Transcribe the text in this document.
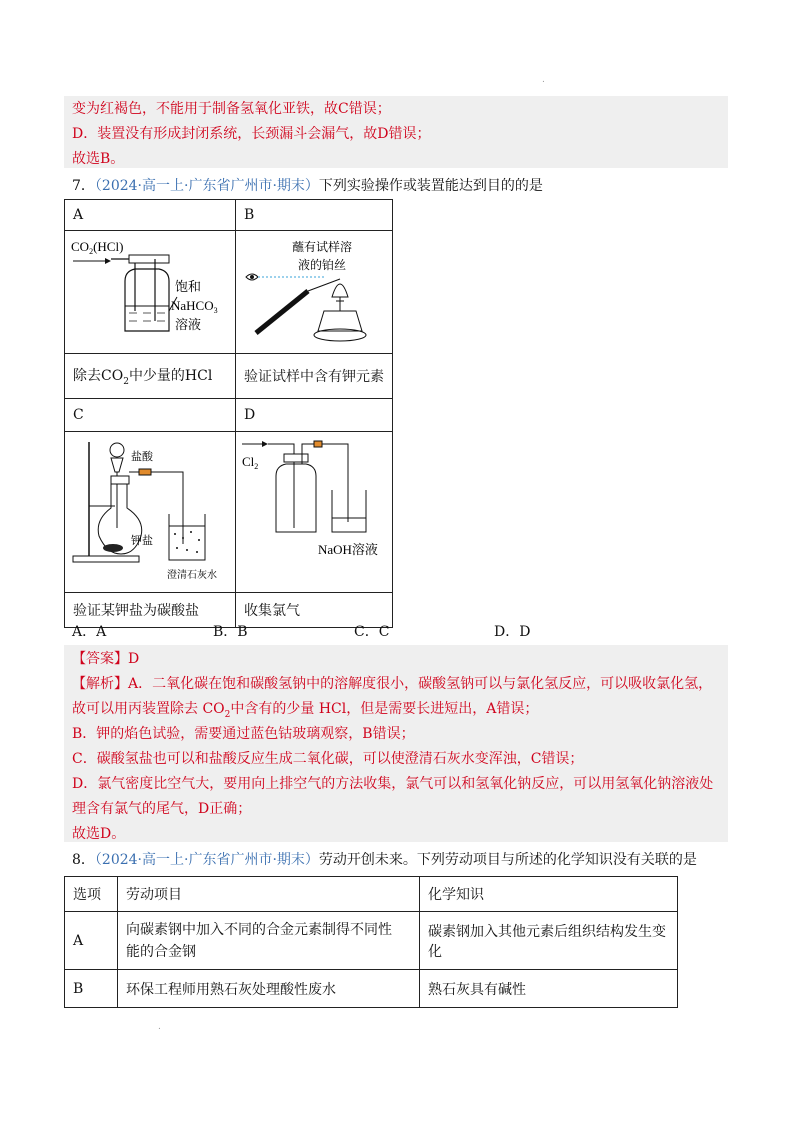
.
变为红褐色，不能用于制备氢氧化亚铁，故C错误；
D．装置没有形成封闭系统，长颈漏斗会漏气，故D错误；
故选B。
7．（2024·高一上·广东省广州市·期末）下列实验操作或装置能达到目的的是
A	B

$CO_2(HCl)$
饱和
NaHCO$_3$
溶液	蘸有试样溶
液的铂丝

除去$CO_2$中少量的HCl	验证试样中含有钾元素
C	D

盐酸
钾盐
澄清石灰水	$Cl_2$
NaOH溶液

验证某钾盐为碳酸盐	收集氯气
A．A	B．B	C．C	D．D
【答案】D
【解析】A．二氧化碳在饱和碳酸氢钠中的溶解度很小，碳酸氢钠可以与氯化氢反应，可以吸收氯化氢，
故可以用丙装置除去 $CO_2$中含有的少量 HCl，但是需要长进短出，A错误；
B．钾的焰色试验，需要通过蓝色钴玻璃观察，B错误；
C．碳酸氢盐也可以和盐酸反应生成二氧化碳，可以使澄清石灰水变浑浊，C错误；
D．氯气密度比空气大，要用向上排空气的方法收集，氯气可以和氢氧化钠反应，可以用氢氧化钠溶液处
理含有氯气的尾气，D正确；
故选D。
8．（2024·高一上·广东省广州市·期末）劳动开创未来。下列劳动项目与所述的化学知识没有关联的是
选项	劳动项目	化学知识
A	向碳素钢中加入不同的合金元素制得不同性
能的合金钢	碳素钢加入其他元素后组织结构发生变化
B	环保工程师用熟石灰处理酸性废水	熟石灰具有碱性
.
